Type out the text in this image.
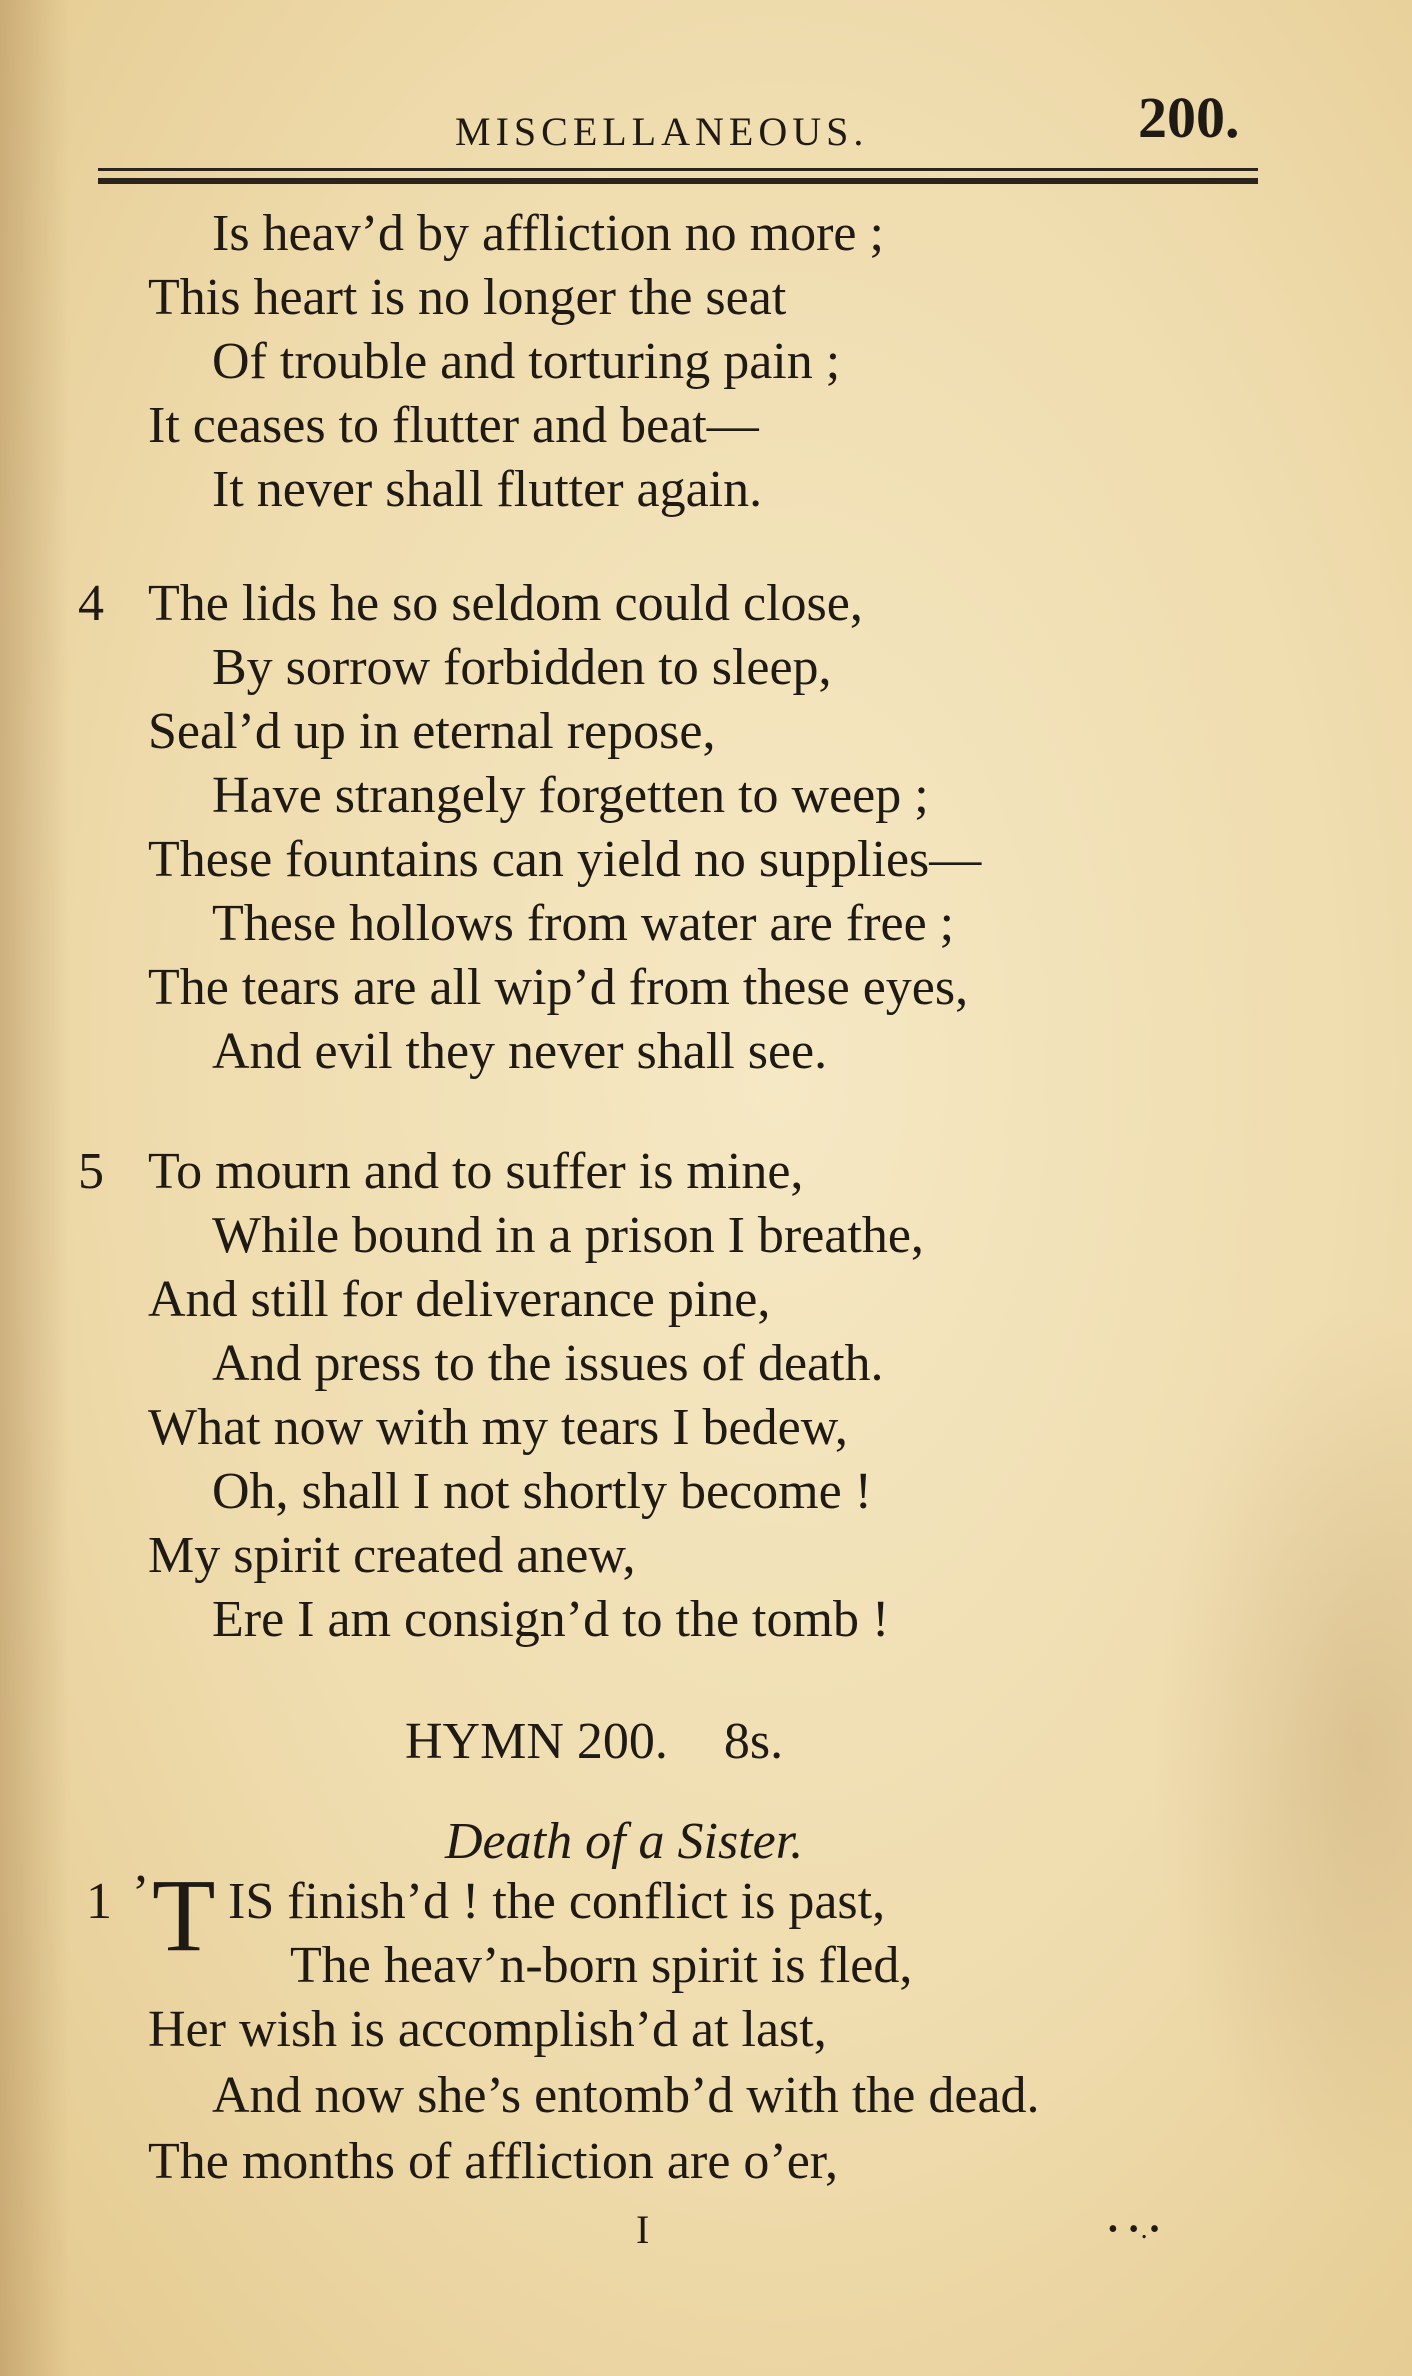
MISCELLANEOUS.	200.
Is heav’d by affliction no more ;
This heart is no longer the seat
Of trouble and torturing pain ;
It ceases to flutter and beat—
It never shall flutter again.
4 The lids he so seldom could close,
By sorrow forbidden to sleep,
Seal’d up in eternal repose,
Have strangely forgetten to weep ;
These fountains can yield no supplies—
These hollows from water are free ;
The tears are all wip’d from these eyes,
And evil they never shall see.
5 To mourn and to suffer is mine,
While bound in a prison I breathe,
And still for deliverance pine,
And press to the issues of death.
What now with my tears I bedew,
Oh, shall I not shortly become !
My spirit created anew,
Ere I am consign’d to the tomb !
HYMN 200. 8s.
Death of a Sister.
1 ’ T IS finish’d ! the conflict is past,
The heav’n-born spirit is fled,
Her wish is accomplish’d at last,
And now she’s entomb’d with the dead.
The months of affliction are o’er,
I	• •.•
